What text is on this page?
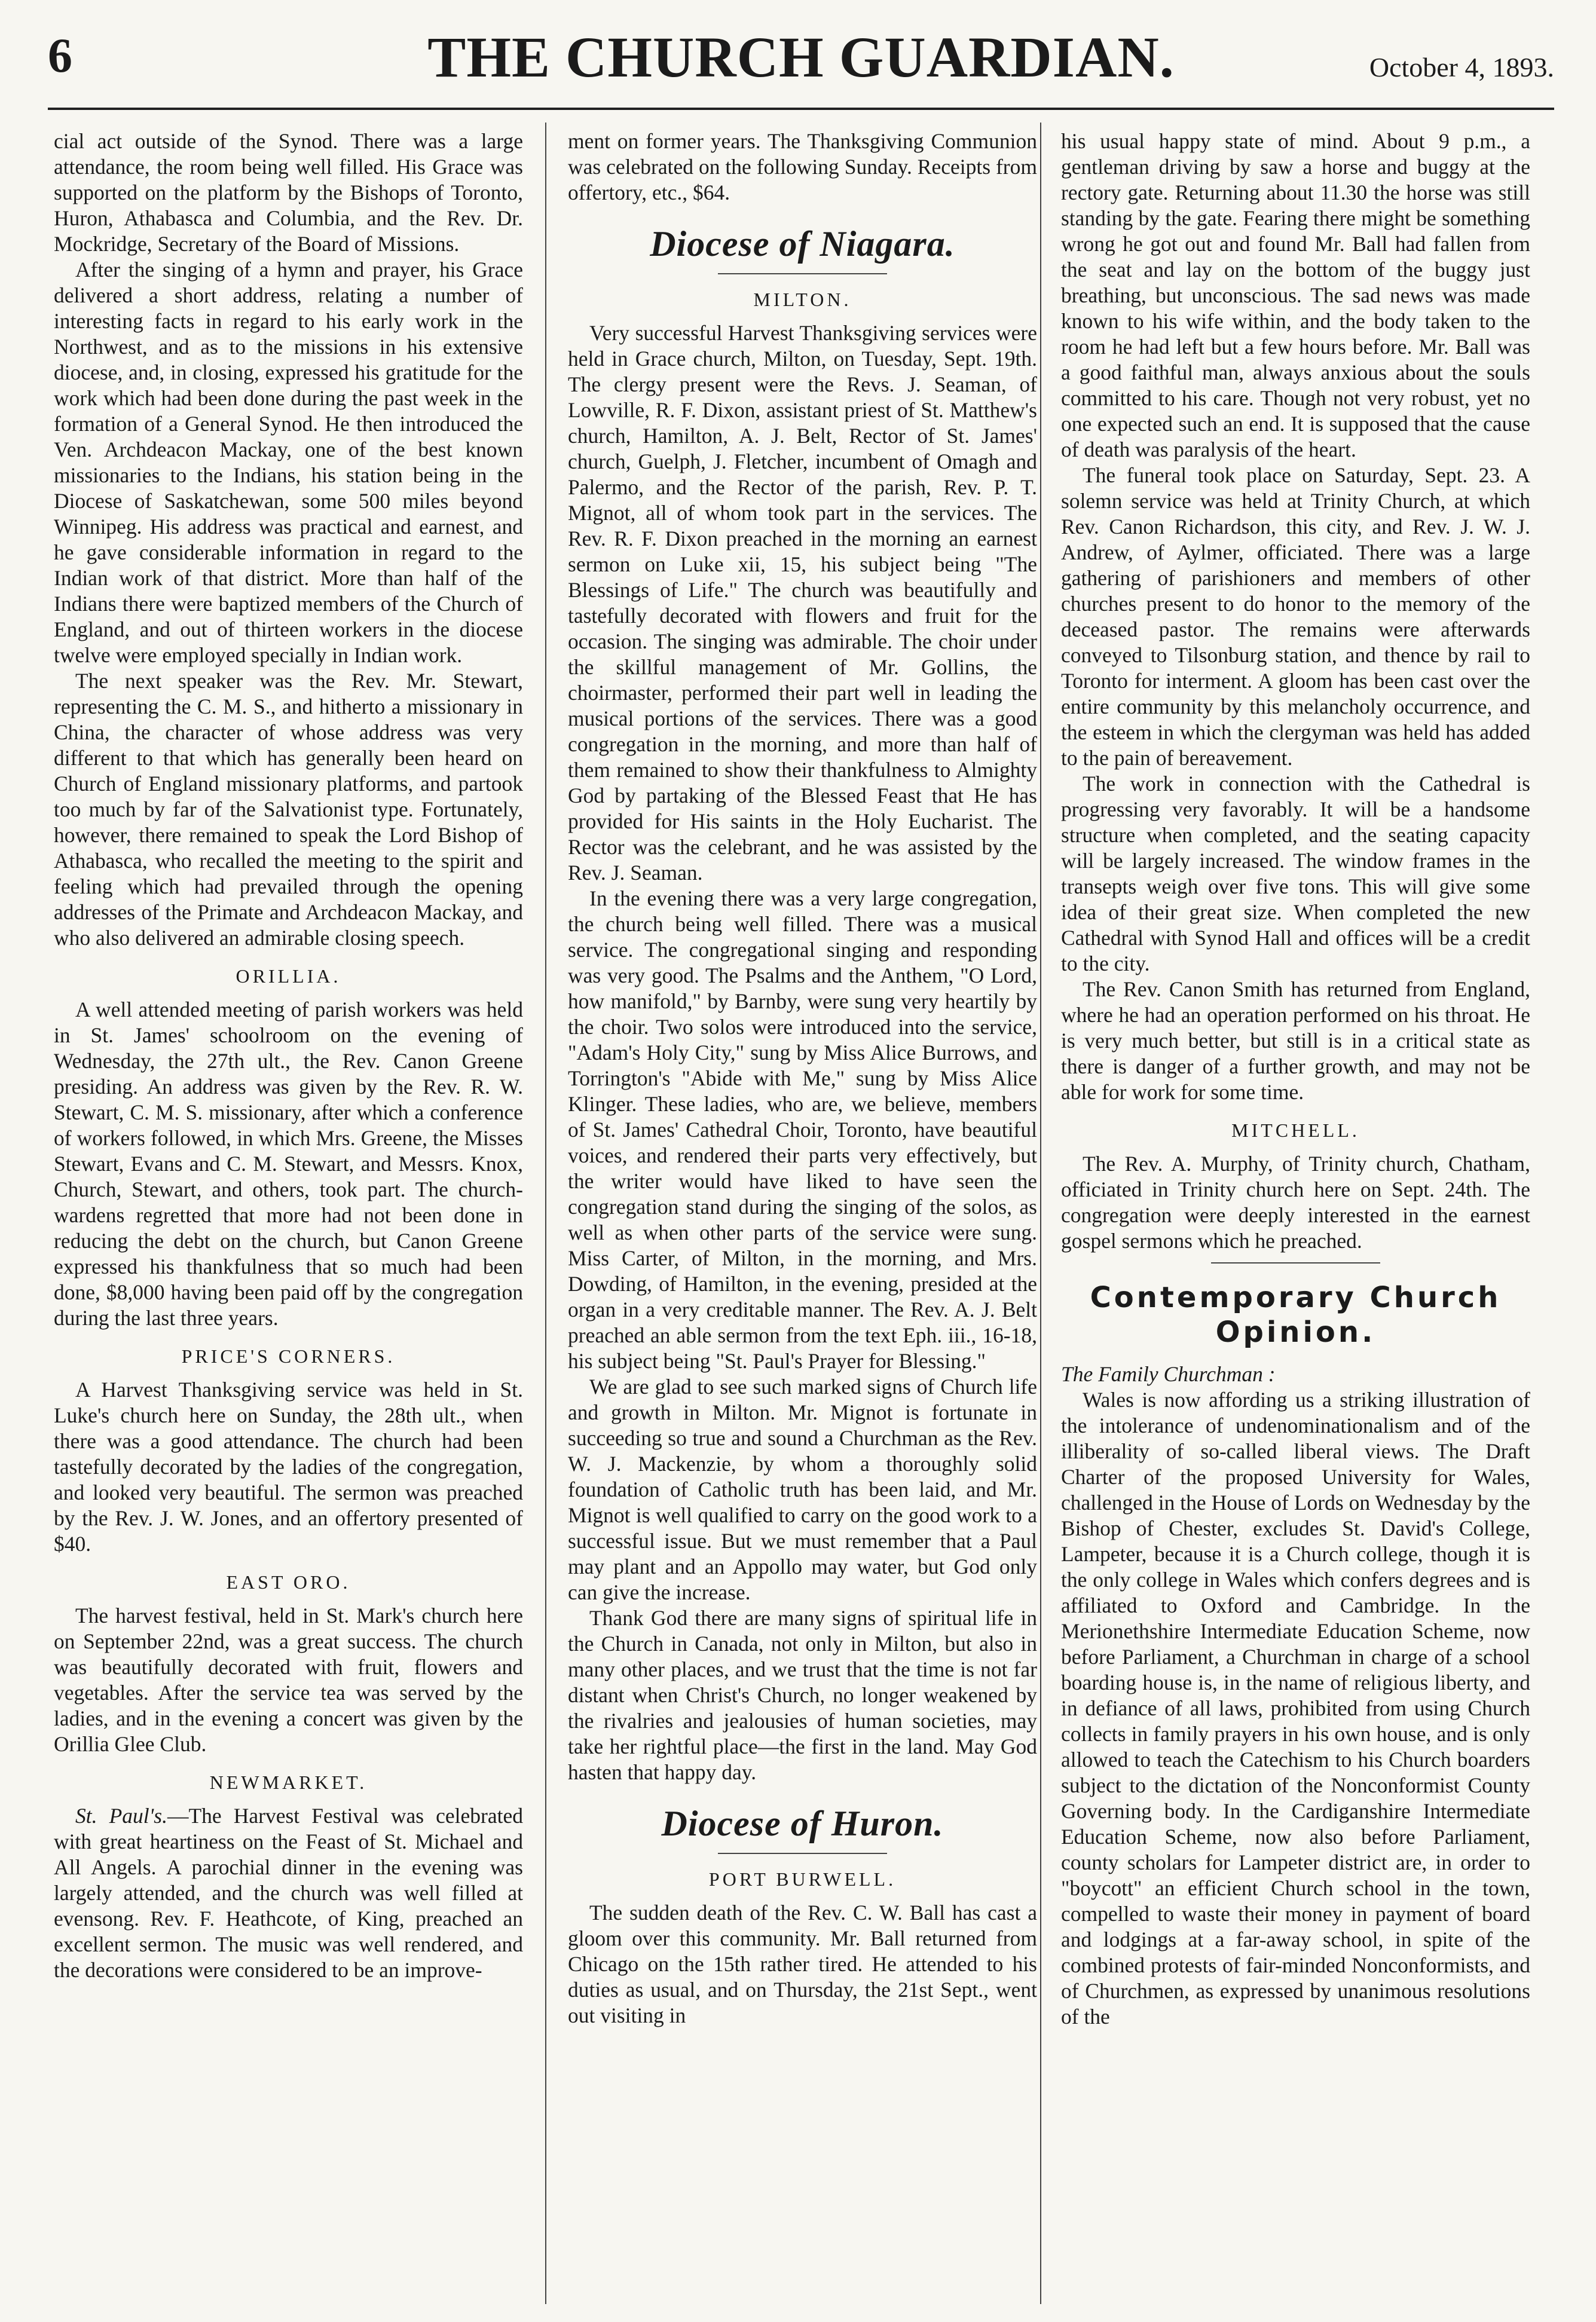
6	THE CHURCH GUARDIAN.	October 4, 1893.

cial act outside of the Synod. There was a large attendance, the room being well filled. His Grace was supported on the platform by the Bishops of Toronto, Huron, Athabasca and Columbia, and the Rev. Dr. Mockridge, Secretary of the Board of Missions.

After the singing of a hymn and prayer, his Grace delivered a short address, relating a number of interesting facts in regard to his early work in the Northwest, and as to the missions in his extensive diocese, and, in closing, expressed his gratitude for the work which had been done during the past week in the formation of a General Synod. He then introduced the Ven. Archdeacon Mackay, one of the best known missionaries to the Indians, his station being in the Diocese of Saskatchewan, some 500 miles beyond Winnipeg. His address was practical and earnest, and he gave considerable information in regard to the Indian work of that district. More than half of the Indians there were baptized members of the Church of England, and out of thirteen workers in the diocese twelve were employed specially in Indian work.

The next speaker was the Rev. Mr. Stewart, representing the C. M. S., and hitherto a missionary in China, the character of whose address was very different to that which has generally been heard on Church of England missionary platforms, and partook too much by far of the Salvationist type. Fortunately, however, there remained to speak the Lord Bishop of Athabasca, who recalled the meeting to the spirit and feeling which had prevailed through the opening addresses of the Primate and Archdeacon Mackay, and who also delivered an admirable closing speech.

ORILLIA.

A well attended meeting of parish workers was held in St. James' schoolroom on the evening of Wednesday, the 27th ult., the Rev. Canon Greene presiding. An address was given by the Rev. R. W. Stewart, C. M. S. missionary, after which a conference of workers followed, in which Mrs. Greene, the Misses Stewart, Evans and C. M. Stewart, and Messrs. Knox, Church, Stewart, and others, took part. The church-wardens regretted that more had not been done in reducing the debt on the church, but Canon Greene expressed his thankfulness that so much had been done, $8,000 having been paid off by the congregation during the last three years.

PRICE'S CORNERS.

A Harvest Thanksgiving service was held in St. Luke's church here on Sunday, the 28th ult., when there was a good attendance. The church had been tastefully decorated by the ladies of the congregation, and looked very beautiful. The sermon was preached by the Rev. J. W. Jones, and an offertory presented of $40.

EAST ORO.

The harvest festival, held in St. Mark's church here on September 22nd, was a great success. The church was beautifully decorated with fruit, flowers and vegetables. After the service tea was served by the ladies, and in the evening a concert was given by the Orillia Glee Club.

NEWMARKET.

St. Paul's.—The Harvest Festival was celebrated with great heartiness on the Feast of St. Michael and All Angels. A parochial dinner in the evening was largely attended, and the church was well filled at evensong. Rev. F. Heathcote, of King, preached an excellent sermon. The music was well rendered, and the decorations were considered to be an improve-

ment on former years. The Thanksgiving Communion was celebrated on the following Sunday. Receipts from offertory, etc., $64.

Diocese of Niagara.
MILTON.

Very successful Harvest Thanksgiving services were held in Grace church, Milton, on Tuesday, Sept. 19th. The clergy present were the Revs. J. Seaman, of Lowville, R. F. Dixon, assistant priest of St. Matthew's church, Hamilton, A. J. Belt, Rector of St. James' church, Guelph, J. Fletcher, incumbent of Omagh and Palermo, and the Rector of the parish, Rev. P. T. Mignot, all of whom took part in the services. The Rev. R. F. Dixon preached in the morning an earnest sermon on Luke xii, 15, his subject being "The Blessings of Life." The church was beautifully and tastefully decorated with flowers and fruit for the occasion. The singing was admirable. The choir under the skillful management of Mr. Gollins, the choirmaster, performed their part well in leading the musical portions of the services. There was a good congregation in the morning, and more than half of them remained to show their thankfulness to Almighty God by partaking of the Blessed Feast that He has provided for His saints in the Holy Eucharist. The Rector was the celebrant, and he was assisted by the Rev. J. Seaman.

In the evening there was a very large congregation, the church being well filled. There was a musical service. The congregational singing and responding was very good. The Psalms and the Anthem, "O Lord, how manifold," by Barnby, were sung very heartily by the choir. Two solos were introduced into the service, "Adam's Holy City," sung by Miss Alice Burrows, and Torrington's "Abide with Me," sung by Miss Alice Klinger. These ladies, who are, we believe, members of St. James' Cathedral Choir, Toronto, have beautiful voices, and rendered their parts very effectively, but the writer would have liked to have seen the congregation stand during the singing of the solos, as well as when other parts of the service were sung. Miss Carter, of Milton, in the morning, and Mrs. Dowding, of Hamilton, in the evening, presided at the organ in a very creditable manner. The Rev. A. J. Belt preached an able sermon from the text Eph. iii., 16-18, his subject being "St. Paul's Prayer for Blessing."

We are glad to see such marked signs of Church life and growth in Milton. Mr. Mignot is fortunate in succeeding so true and sound a Churchman as the Rev. W. J. Mackenzie, by whom a thoroughly solid foundation of Catholic truth has been laid, and Mr. Mignot is well qualified to carry on the good work to a successful issue. But we must remember that a Paul may plant and an Appollo may water, but God only can give the increase.

Thank God there are many signs of spiritual life in the Church in Canada, not only in Milton, but also in many other places, and we trust that the time is not far distant when Christ's Church, no longer weakened by the rivalries and jealousies of human societies, may take her rightful place—the first in the land. May God hasten that happy day.

Diocese of Huron.
PORT BURWELL.

The sudden death of the Rev. C. W. Ball has cast a gloom over this community. Mr. Ball returned from Chicago on the 15th rather tired. He attended to his duties as usual, and on Thursday, the 21st Sept., went out visiting in

his usual happy state of mind. About 9 p.m., a gentleman driving by saw a horse and buggy at the rectory gate. Returning about 11.30 the horse was still standing by the gate. Fearing there might be something wrong he got out and found Mr. Ball had fallen from the seat and lay on the bottom of the buggy just breathing, but unconscious. The sad news was made known to his wife within, and the body taken to the room he had left but a few hours before. Mr. Ball was a good faithful man, always anxious about the souls committed to his care. Though not very robust, yet no one expected such an end. It is supposed that the cause of death was paralysis of the heart.

The funeral took place on Saturday, Sept. 23. A solemn service was held at Trinity Church, at which Rev. Canon Richardson, this city, and Rev. J. W. J. Andrew, of Aylmer, officiated. There was a large gathering of parishioners and members of other churches present to do honor to the memory of the deceased pastor. The remains were afterwards conveyed to Tilsonburg station, and thence by rail to Toronto for interment. A gloom has been cast over the entire community by this melancholy occurrence, and the esteem in which the clergyman was held has added to the pain of bereavement.

The work in connection with the Cathedral is progressing very favorably. It will be a handsome structure when completed, and the seating capacity will be largely increased. The window frames in the transepts weigh over five tons. This will give some idea of their great size. When completed the new Cathedral with Synod Hall and offices will be a credit to the city.

The Rev. Canon Smith has returned from England, where he had an operation performed on his throat. He is very much better, but still is in a critical state as there is danger of a further growth, and may not be able for work for some time.

MITCHELL.

The Rev. A. Murphy, of Trinity church, Chatham, officiated in Trinity church here on Sept. 24th. The congregation were deeply interested in the earnest gospel sermons which he preached.

Contemporary Church Opinion.

The Family Churchman :

Wales is now affording us a striking illustration of the intolerance of undenominationalism and of the illiberality of so-called liberal views. The Draft Charter of the proposed University for Wales, challenged in the House of Lords on Wednesday by the Bishop of Chester, excludes St. David's College, Lampeter, because it is a Church college, though it is the only college in Wales which confers degrees and is affiliated to Oxford and Cambridge. In the Merionethshire Intermediate Education Scheme, now before Parliament, a Churchman in charge of a school boarding house is, in the name of religious liberty, and in defiance of all laws, prohibited from using Church collects in family prayers in his own house, and is only allowed to teach the Catechism to his Church boarders subject to the dictation of the Nonconformist County Governing body. In the Cardiganshire Intermediate Education Scheme, now also before Parliament, county scholars for Lampeter district are, in order to "boycott" an efficient Church school in the town, compelled to waste their money in payment of board and lodgings at a far-away school, in spite of the combined protests of fair-minded Nonconformists, and of Churchmen, as expressed by unanimous resolutions of the
